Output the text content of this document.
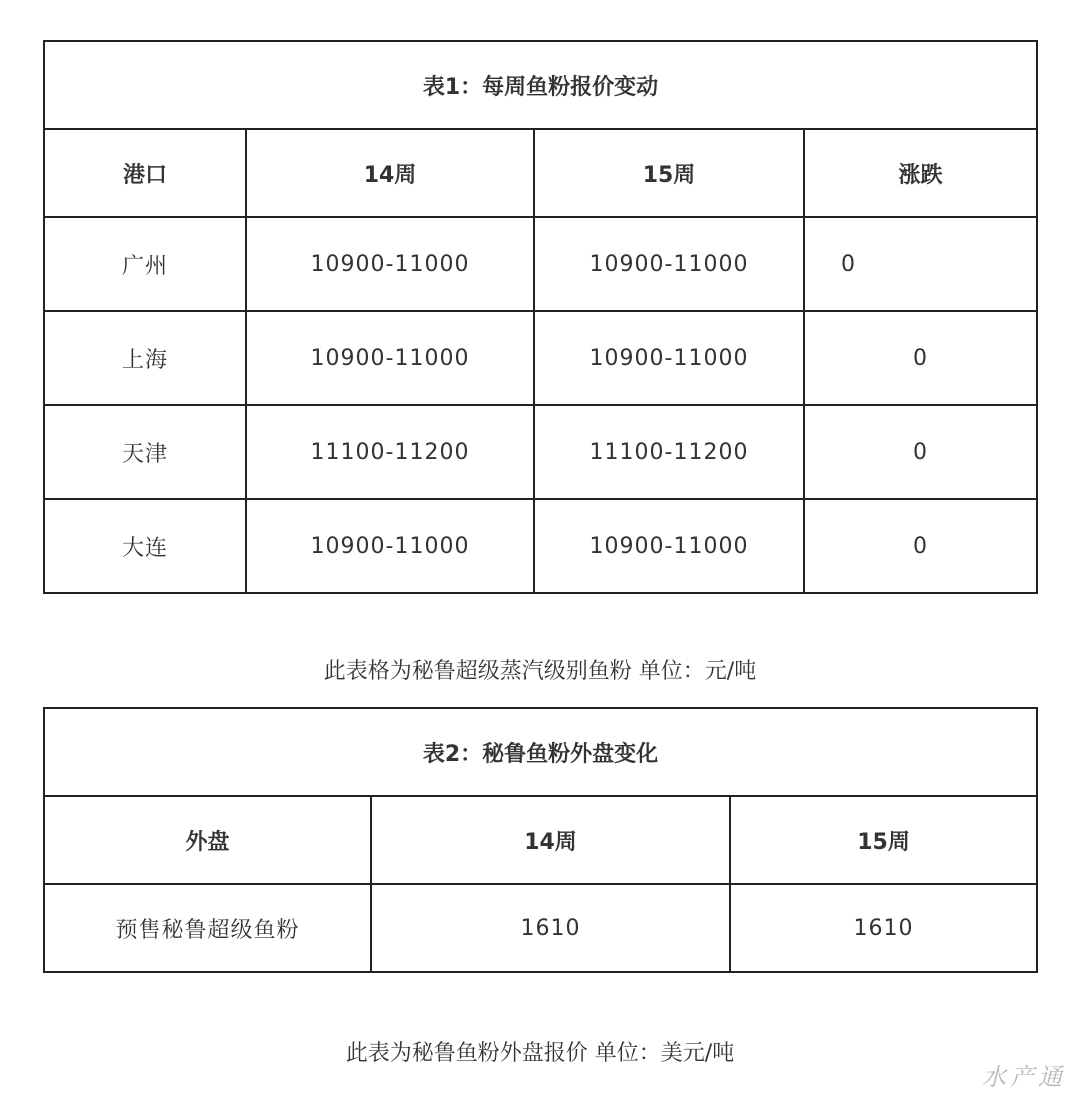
表1：每周鱼粉报价变动			
港口	14周	15周	涨跌
广州	10900-11000	10900-11000	0
上海	10900-11000	10900-11000	0
天津	11100-11200	11100-11200	0
大连	10900-11000	10900-11000	0
此表格为秘鲁超级蒸汽级别鱼粉 单位：元/吨
表2：秘鲁鱼粉外盘变化		
外盘	14周	15周
预售秘鲁超级鱼粉	1610	1610
此表为秘鲁鱼粉外盘报价 单位：美元/吨
水产通
